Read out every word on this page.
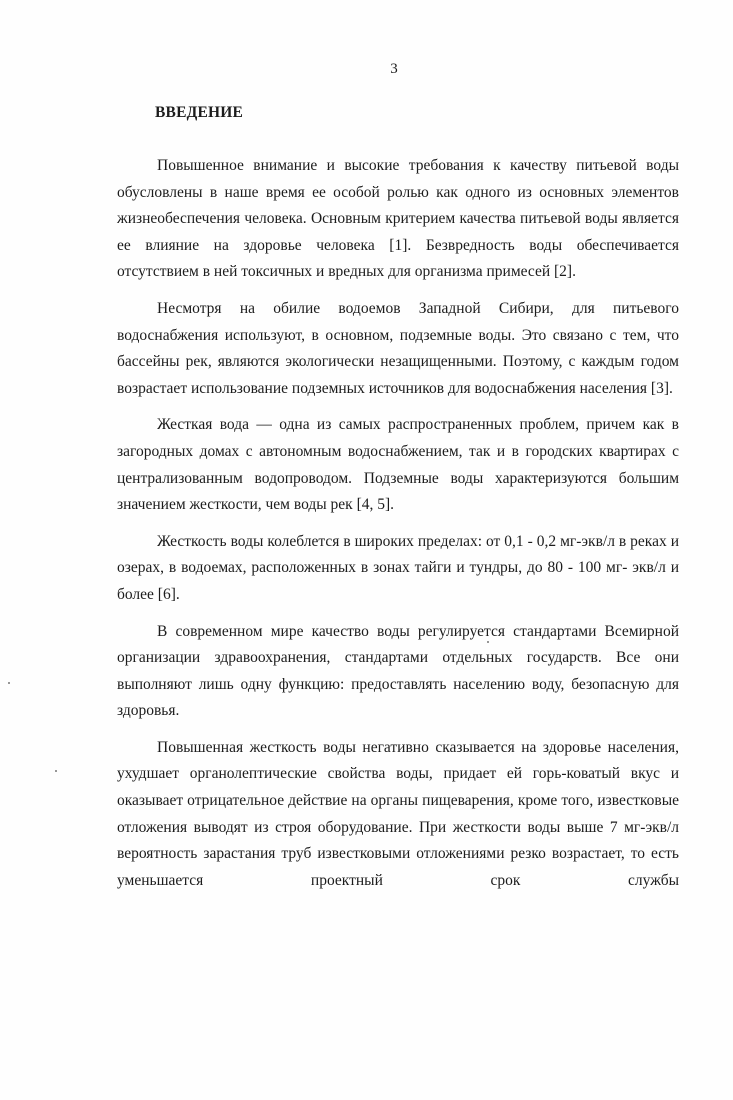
3
ВВЕДЕНИЕ

Повышенное внимание и высокие требования к качеству питьевой воды обусловлены в наше время ее особой ролью как одного из основных элементов жизнеобеспечения человека. Основным критерием качества питьевой воды является ее влияние на здоровье человека [1]. Безвредность воды обеспечивается отсутствием в ней токсичных и вредных для организма примесей [2].

Несмотря на обилие водоемов Западной Сибири, для питьевого водоснабжения используют, в основном, подземные воды. Это связано с тем, что бассейны рек, являются экологически незащищенными. Поэтому, с каждым годом возрастает использование подземных источников для водоснабжения населения [3].

Жесткая вода — одна из самых распространенных проблем, причем как в загородных домах с автономным водоснабжением, так и в городских квартирах с централизованным водопроводом. Подземные воды характеризуются большим значением жесткости, чем воды рек [4, 5].

Жесткость воды колеблется в широких пределах: от 0,1 - 0,2 мг-экв/л в реках и озерах, в водоемах, расположенных в зонах тайги и тундры, до 80 - 100 мг- экв/л и более [6].

В современном мире качество воды регулируется стандартами Всемирной организации здравоохранения, стандартами отдельных государств. Все они выполняют лишь одну функцию: предоставлять населению воду, безопасную для здоровья.

Повышенная жесткость воды негативно сказывается на здоровье населения, ухудшает органолептические свойства воды, придает ей горь-коватый вкус и оказывает отрицательное действие на органы пищеварения, кроме того, известковые отложения выводят из строя оборудование. При жесткости воды выше 7 мг-экв/л вероятность зарастания труб известковыми отложениями резко возрастает, то есть уменьшается проектный срок службы
